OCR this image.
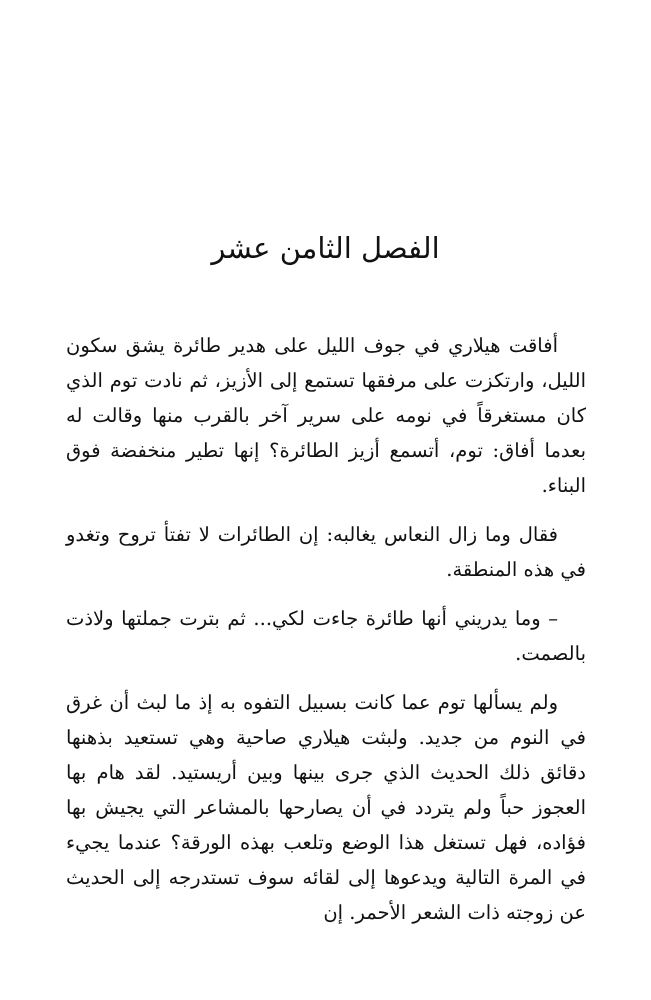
الفصل الثامن عشر

أفاقت هيلاري في جوف الليل على هدير طائرة يشق سكون الليل، وارتكزت على مرفقها تستمع إلى الأزيز، ثم نادت توم الذي كان مستغرقاً في نومه على سرير آخر بالقرب منها وقالت له بعدما أفاق: توم، أتسمع أزيز الطائرة؟ إنها تطير منخفضة فوق البناء.

فقال وما زال النعاس يغالبه: إن الطائرات لا تفتأ تروح وتغدو في هذه المنطقة.

– وما يدريني أنها طائرة جاءت لكي... ثم بترت جملتها ولاذت بالصمت.

ولم يسألها توم عما كانت بسبيل التفوه به إذ ما لبث أن غرق في النوم من جديد. ولبثت هيلاري صاحية وهي تستعيد بذهنها دقائق ذلك الحديث الذي جرى بينها وبين أريستيد. لقد هام بها العجوز حباً ولم يتردد في أن يصارحها بالمشاعر التي يجيش بها فؤاده، فهل تستغل هذا الوضع وتلعب بهذه الورقة؟ عندما يجيء في المرة التالية ويدعوها إلى لقائه سوف تستدرجه إلى الحديث عن زوجته ذات الشعر الأحمر. إن
